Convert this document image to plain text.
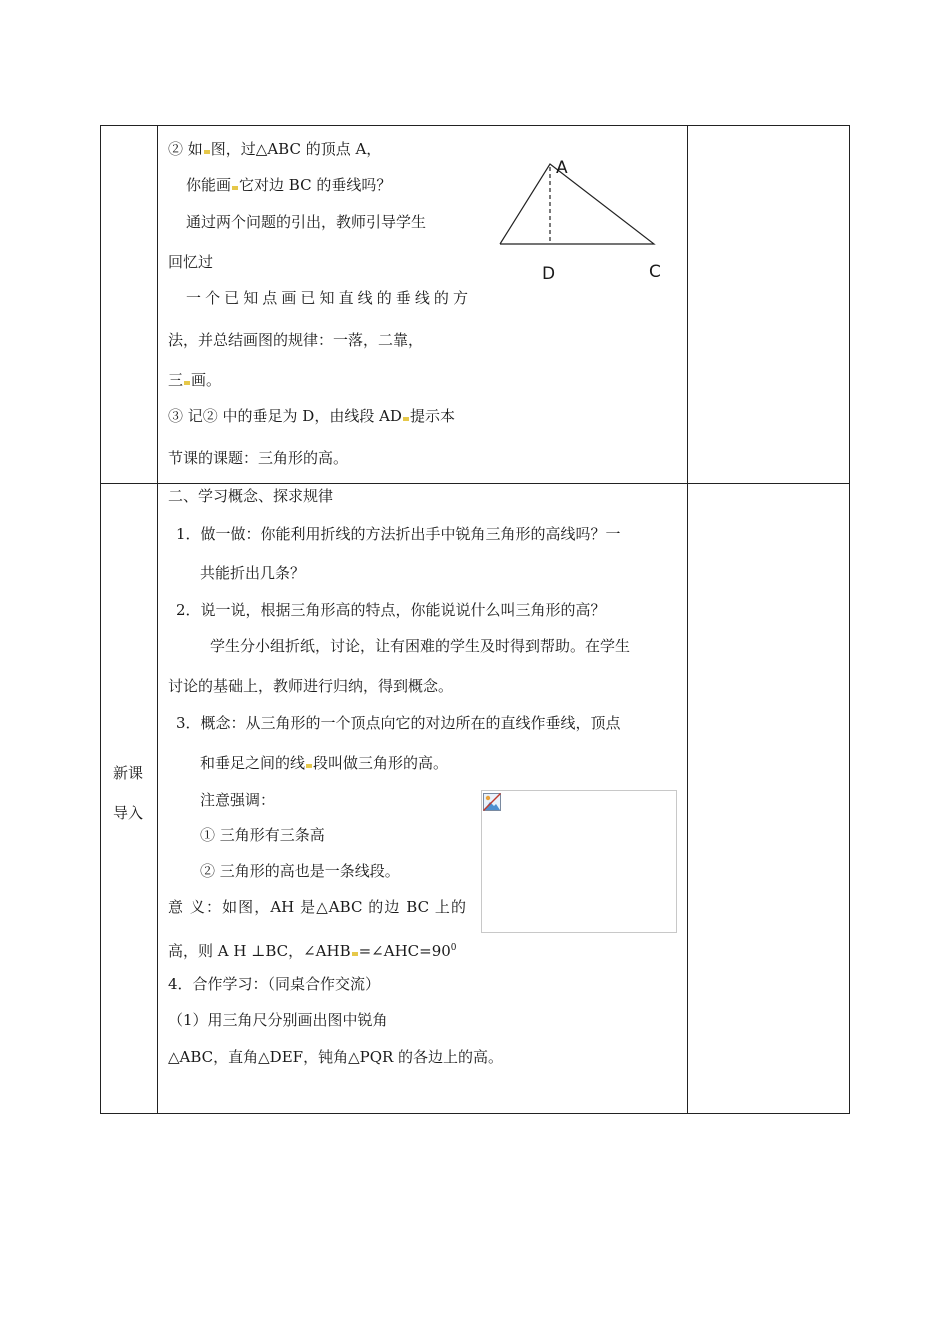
② 如 图，过△ABC 的顶点 A，
你能画 它对边 BC 的垂线吗？
通过两个问题的引出，教师引导学生
回忆过
一个已知点画已知直线的垂线的方
法，并总结画图的规律：一落，二靠，
三 画。
③ 记② 中的垂足为 D，由线段 AD 提示本
节课的课题：三角形的高。
A
D	C
新课
导入
二、学习概念、探求规律
1．做一做：你能利用折线的方法折出手中锐角三角形的高线吗？一
共能折出几条？
2．说一说，根据三角形高的特点，你能说说什么叫三角形的高？
学生分小组折纸，讨论，让有困难的学生及时得到帮助。在学生
讨论的基础上，教师进行归纳，得到概念。
3．概念：从三角形的一个顶点向它的对边所在的直线作垂线，顶点
和垂足之间的线 段叫做三角形的高。
注意强调：
① 三角形有三条高
② 三角形的高也是一条线段。
意 义：如图，AH 是△ABC 的边 BC 上的
高，则 A H ⊥BC，∠AHB $=\angle AHC=90^0$
4．合作学习：（同桌合作交流）
（1）用三角尺分别画出图中锐角
△ABC，直角△DEF，钝角△PQR 的各边上的高。
